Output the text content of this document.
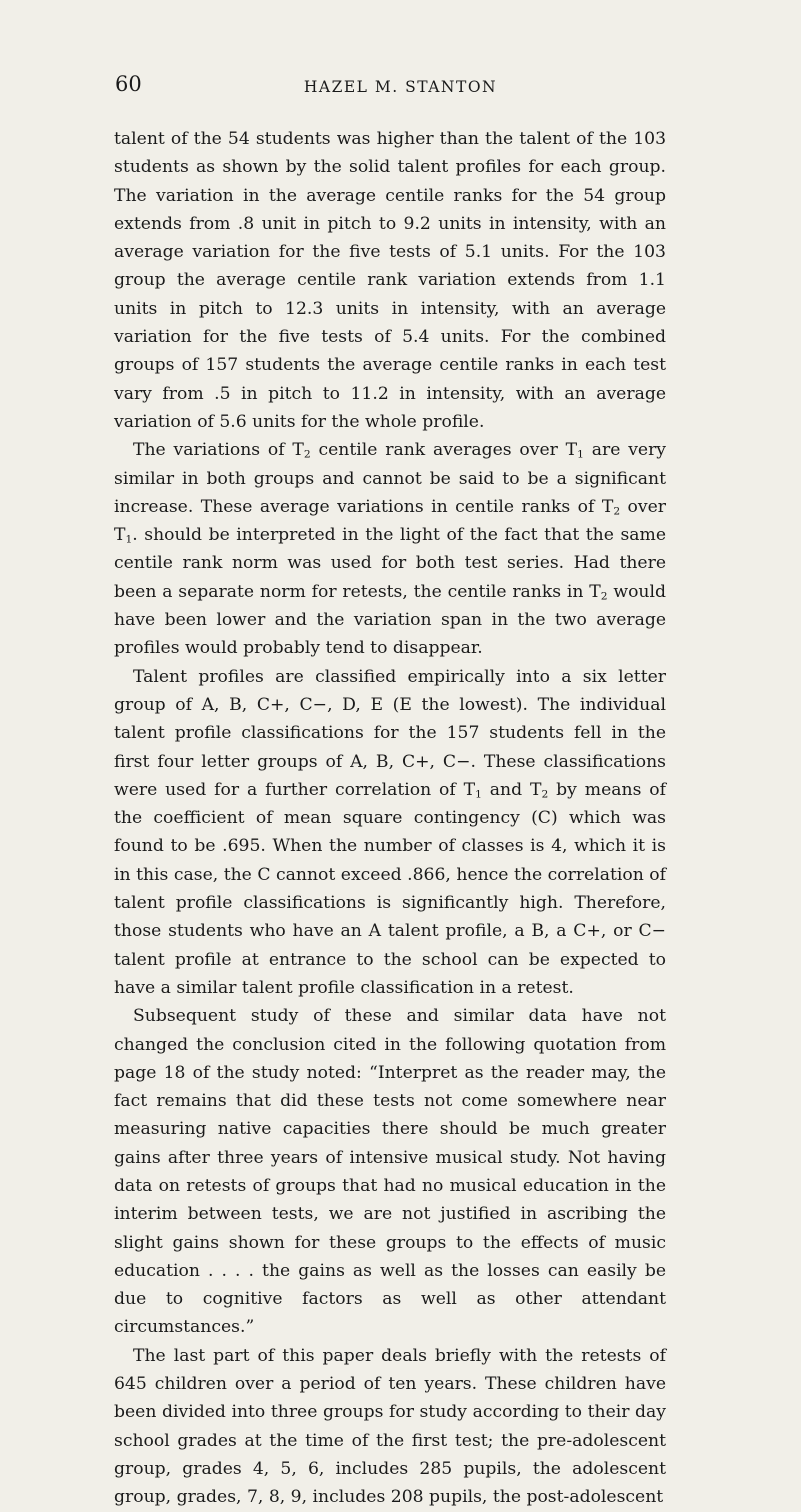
60	HAZEL M. STANTON

talent of the 54 students was higher than the talent of the 103 students as shown by the solid talent profiles for each group. The variation in the average centile ranks for the 54 group extends from .8 unit in pitch to 9.2 units in intensity, with an average variation for the five tests of 5.1 units. For the 103 group the average centile rank variation extends from 1.1 units in pitch to 12.3 units in intensity, with an average variation for the five tests of 5.4 units. For the combined groups of 157 students the average centile ranks in each test vary from .5 in pitch to 11.2 in intensity, with an average variation of 5.6 units for the whole profile.

The variations of $T_2$ centile rank averages over $T_1$ are very similar in both groups and cannot be said to be a significant increase. These average variations in centile ranks of $T_2$ over $T_1$. should be interpreted in the light of the fact that the same centile rank norm was used for both test series. Had there been a separate norm for retests, the centile ranks in $T_2$ would have been lower and the variation span in the two average profiles would probably tend to disappear.

Talent profiles are classified empirically into a six letter group of A, B, C+, C−, D, E (E the lowest). The individual talent profile classifications for the 157 students fell in the first four letter groups of A, B, C+, C−. These classifications were used for a further correlation of $T_1$ and $T_2$ by means of the coefficient of mean square contingency (C) which was found to be .695. When the number of classes is 4, which it is in this case, the C cannot exceed .866, hence the correlation of talent profile classifications is significantly high. Therefore, those students who have an A talent profile, a B, a C+, or C− talent profile at entrance to the school can be expected to have a similar talent profile classification in a retest.

Subsequent study of these and similar data have not changed the conclusion cited in the following quotation from page 18 of the study noted: “Interpret as the reader may, the fact remains that did these tests not come somewhere near measuring native capacities there should be much greater gains after three years of intensive musical study. Not having data on retests of groups that had no musical education in the interim between tests, we are not justified in ascribing the slight gains shown for these groups to the effects of music education . . . . the gains as well as the losses can easily be due to cognitive factors as well as other attendant circumstances.”

The last part of this paper deals briefly with the retests of 645 children over a period of ten years. These children have been divided into three groups for study according to their day school grades at the time of the first test; the pre-adolescent group, grades 4, 5, 6, includes 285 pupils, the adolescent group, grades, 7, 8, 9, includes 208 pupils, the post-adolescent
